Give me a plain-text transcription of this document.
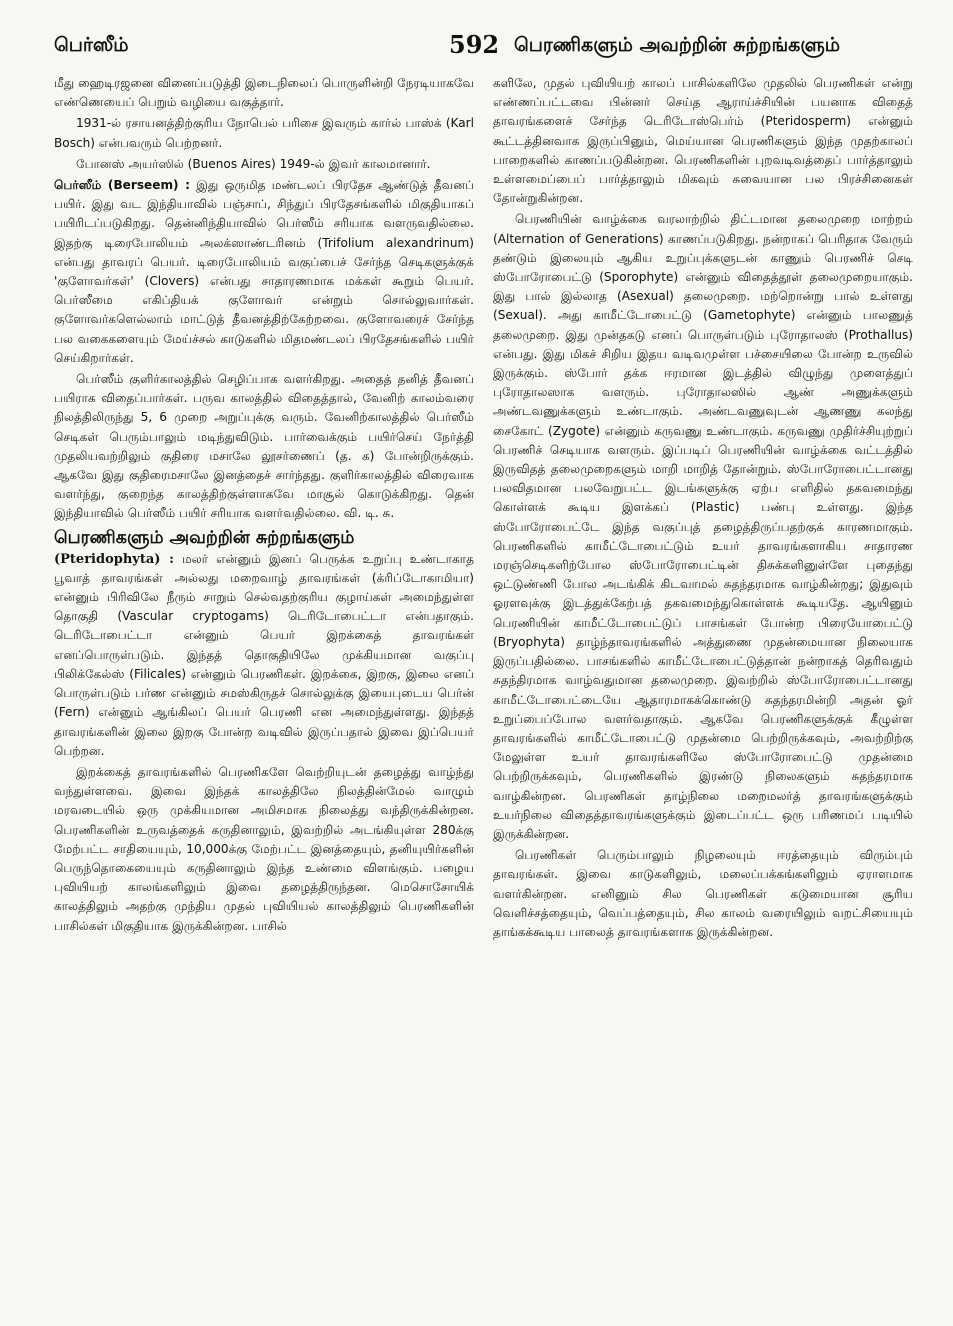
பெர்ஸீம்	592 பெரணிகளும் அவற்றின் சுற்றங்களும்

மீது ஹைடிரஜனை வினைப்படுத்தி இடைநிலைப் பொருளின்றி நேரடியாகவே எண்ணெயைப் பெறும் வழியை வகுத்தார்.

1931-ல் ரசாயனத்திற்குரிய நோபெல் பரிசை இவரும் கார்ல் பாஸ்க் (Karl Bosch) என்பவரும் பெற்றனர்.

போனஸ் அயர்ஸில் (Buenos Aires) 1949-ல் இவர் காலமானார்.

பெர்ஸீம் (Berseem) : இது ஒருமித மண்டலப் பிரதேச ஆண்டுத் தீவனப் பயிர். இது வட இந்தியாவில் பஞ்சாப், சிந்துப் பிரதேசங்களில் மிகுதியாகப் பயிரிடப்படுகிறது. தென்னிந்தியாவில் பெர்ஸீம் சரியாக வளருவதில்லை. இதற்கு டிரைபோலியம் அலக்ஸாண்டரினம் (Trifolium alexandrinum) என்பது தாவரப் பெயர். டிரைபோலியம் வகுப்பைச் சேர்ந்த செடிகளுக்குக் 'குளோவர்கள்' (Clovers) என்பது சாதாரணமாக மக்கள் கூறும் பெயர். பெர்ஸீமை எகிப்தியக் குளோவர் என்றும் சொல்லுவார்கள். குளோவர்களெல்லாம் மாட்டுத் தீவனத்திற்கேற்றவை. குளோவரைச் சேர்ந்த பல வகைகளையும் மேய்ச்சல் காடுகளில் மிதமண்டலப் பிரதேசங்களில் பயிர் செய்கிறார்கள்.

பெர்ஸீம் குளிர்காலத்தில் செழிப்பாக வளர்கிறது. அதைத் தனித் தீவனப் பயிராக விதைப்பார்கள். பருவ காலத்தில் விதைத்தால், வேனிற் காலம்வரை நிலத்திலிருந்து 5, 6 முறை அறுப்புக்கு வரும். வேனிற்காலத்தில் பெர்ஸீம் செடிகள் பெரும்பாலும் மடிந்துவிடும். பார்வைக்கும் பயிர்செய் நேர்த்தி முதலியவற்றிலும் குதிரை மசாலே லூசர்ணைப் (த. க) போன்றிருக்கும். ஆகவே இது குதிரைமசாலே இனத்தைச் சார்ந்தது. குளிர்காலத்தில் விரைவாக வளர்ந்து, குறைந்த காலத்திற்குள்ளாகவே மாசூல் கொடுக்கிறது. தென் இந்தியாவில் பெர்ஸீம் பயிர் சரியாக வளர்வதில்லை. வி. டி. சு.

பெரணிகளும் அவற்றின் சுற்றங்களும்

(Pteridophyta) : மலர் என்னும் இனப் பெருக்க உறுப்பு உண்டாகாத பூவாத் தாவரங்கள் அல்லது மறைவாழ் தாவரங்கள் (க்ரிப்டோகாமியா) என்னும் பிரிவிலே நீரும் சாறும் செல்வதற்குரிய குழாய்கள் அமைந்துள்ள தொகுதி (Vascular cryptogams) டெரிடோபைட்டா என்பதாகும். டெரிடோபைட்டா என்னும் பெயர் இறக்கைத் தாவரங்கள் எனப்பொருள்படும். இந்தத் தொகுதியிலே முக்கியமான வகுப்பு பிலிக்கேல்ஸ் (Filicales) என்னும் பெரணிகள். இறக்கை, இறகு, இலை எனப் பொருள்படும் பர்ண என்னும் சமஸ்கிருதச் சொல்லுக்கு இயைபுடைய பெர்ன் (Fern) என்னும் ஆங்கிலப் பெயர் பெரணி என அமைந்துள்ளது. இந்தத் தாவரங்களின் இலை இறகு போன்ற வடிவில் இருப்பதால் இவை இப்பெயர் பெற்றன.

இறக்கைத் தாவரங்களில் பெரணிகளே வெற்றியுடன் தழைத்து வாழ்ந்து வந்துள்ளவை. இவை இந்தக் காலத்திலே நிலத்தின்மேல் வாழும் மரவடையில் ஒரு முக்கியமான அமிசமாக நிலைத்து வந்திருக்கின்றன. பெரணிகளின் உருவத்தைக் கருதினாலும், இவற்றில் அடங்கியுள்ள 280க்கு மேற்பட்ட சாதியையும், 10,000க்கு மேற்பட்ட இனத்தையும், தனியுயிர்களின் பெருந்தொகையையும் கருதினாலும் இந்த உண்மை விளங்கும். பழைய புவியியற் காலங்களிலும் இவை தழைத்திருந்தன. மெசொசோயிக் காலத்திலும் அதற்கு முந்திய முதல் புவியியல் காலத்திலும் பெரணிகளின் பாசில்கள் மிகுதியாக இருக்கின்றன. பாசில்

களிலே, முதல் புவியியற் காலப் பாசில்களிலே முதலில் பெரணிகள் என்று எண்ணப்பட்டவை பின்னர் செய்த ஆராய்ச்சியின் பயனாக விதைத் தாவரங்களைச் சேர்ந்த டெரிடோஸ்பெர்ம் (Pteridosperm) என்னும் கூட்டத்தினவாக இருப்பினும், மெய்யான பெரணிகளும் இந்த முதற்காலப் பாறைகளில் காணப்படுகின்றன. பெரணிகளின் புறவடிவத்தைப் பார்த்தாலும் உள்ளமைப்பைப் பார்த்தாலும் மிகவும் சுவையான பல பிரச்சினைகள் தோன்றுகின்றன.

பெரணியின் வாழ்க்கை வரலாற்றில் திட்டமான தலைமுறை மாற்றம் (Alternation of Generations) காணப்படுகிறது. நன்றாகப் பெரிதாக வேரும் தண்டும் இலையும் ஆகிய உறுப்புக்களுடன் காணும் பெரணிச் செடி ஸ்போரோபைட்டு (Sporophyte) என்னும் விதைத்தூள் தலைமுறையாகும். இது பால் இல்லாத (Asexual) தலைமுறை. மற்றொன்று பால் உள்ளது (Sexual). அது காமீட்டோபைட்டு (Gametophyte) என்னும் பாலணுத் தலைமுறை. இது முன்தகடு எனப் பொருள்படும் புரோதாலஸ் (Prothallus) என்பது. இது மிகச் சிறிய இதய வடிவமுள்ள பச்சையிலை போன்ற உருவில் இருக்கும். ஸ்போர் தக்க ஈரமான இடத்தில் விழுந்து முளைத்துப் புரோதாலஸாக வளரும். புரோதாலஸில் ஆண் அணுக்களும் அண்டவணுக்களும் உண்டாகும். அண்டவணுவுடன் ஆணணு கலந்து சைகோட் (Zygote) என்னும் கருவணு உண்டாகும். கருவணு முதிர்ச்சியுற்றுப் பெரணிச் செடியாக வளரும். இப்படிப் பெரணியின் வாழ்க்கை வட்டத்தில் இருவிதத் தலைமுறைகளும் மாறி மாறித் தோன்றும். ஸ்போரோபைட்டானது பலவிதமான பலவேறுபட்ட இடங்களுக்கு ஏற்ப எளிதில் தகவமைந்து கொள்ளக் கூடிய இளக்கப் (Plastic) பண்பு உள்ளது. இந்த ஸ்போரோபைட்டே இந்த வகுப்புத் தழைத்திருப்பதற்குக் காரணமாகும். பெரணிகளில் காமீட்டோபைட்டும் உயர் தாவரங்களாகிய சாதாரண மரஞ்செடிகளிற்போல ஸ்போரோபைட்டின் திசுக்களினுள்ளே புதைந்து ஒட்டுண்ணி போல அடங்கிக் கிடவாமல் சுதந்தரமாக வாழ்கின்றது; இதுவும் ஓரளவுக்கு இடத்துக்கேற்பத் தகவமைந்துகொள்ளக் கூடியதே. ஆயினும் பெரணியின் காமீட்டோபைட்டுப் பாசங்கள் போன்ற பிரையோபைட்டு (Bryophyta) தாழ்ந்தாவரங்களில் அத்துணை முதன்மையான நிலையாக இருப்பதில்லை. பாசங்களில் காமீட்டோபைட்டுத்தான் நன்றாகத் தெரிவதும் சுதந்திரமாக வாழ்வதுமான தலைமுறை. இவற்றில் ஸ்போரோபைட்டானது காமீட்டோபைட்டையே ஆதாரமாகக்கொண்டு சுதந்தரமின்றி அதன் ஓர் உறுப்பைப்போல வளர்வதாகும். ஆகவே பெரணிகளுக்குக் கீழுள்ள தாவரங்களில் காமீட்டோபைட்டு முதன்மை பெற்றிருக்கவும், அவற்றிற்கு மேலுள்ள உயர் தாவரங்களிலே ஸ்போரோபைட்டு முதன்மை பெற்றிருக்கவும், பெரணிகளில் இரண்டு நிலைகளும் சுதந்தரமாக வாழ்கின்றன. பெரணிகள் தாழ்நிலை மறைமலர்த் தாவரங்களுக்கும் உயர்நிலை விதைத்தாவரங்களுக்கும் இடைப்பட்ட ஒரு பரிணமப் படியில் இருக்கின்றன.

பெரணிகள் பெரும்பாலும் நிழலையும் ஈரத்தையும் விரும்பும் தாவரங்கள். இவை காடுகளிலும், மலைப்பக்கங்களிலும் ஏராளமாக வளர்கின்றன. எனினும் சில பெரணிகள் கடுமையான சூரிய வெளிச்சத்தையும், வெப்பத்தையும், சில காலம் வரையிலும் வறட்சியையும் தாங்கக்கூடிய பாலைத் தாவரங்களாக இருக்கின்றன.
